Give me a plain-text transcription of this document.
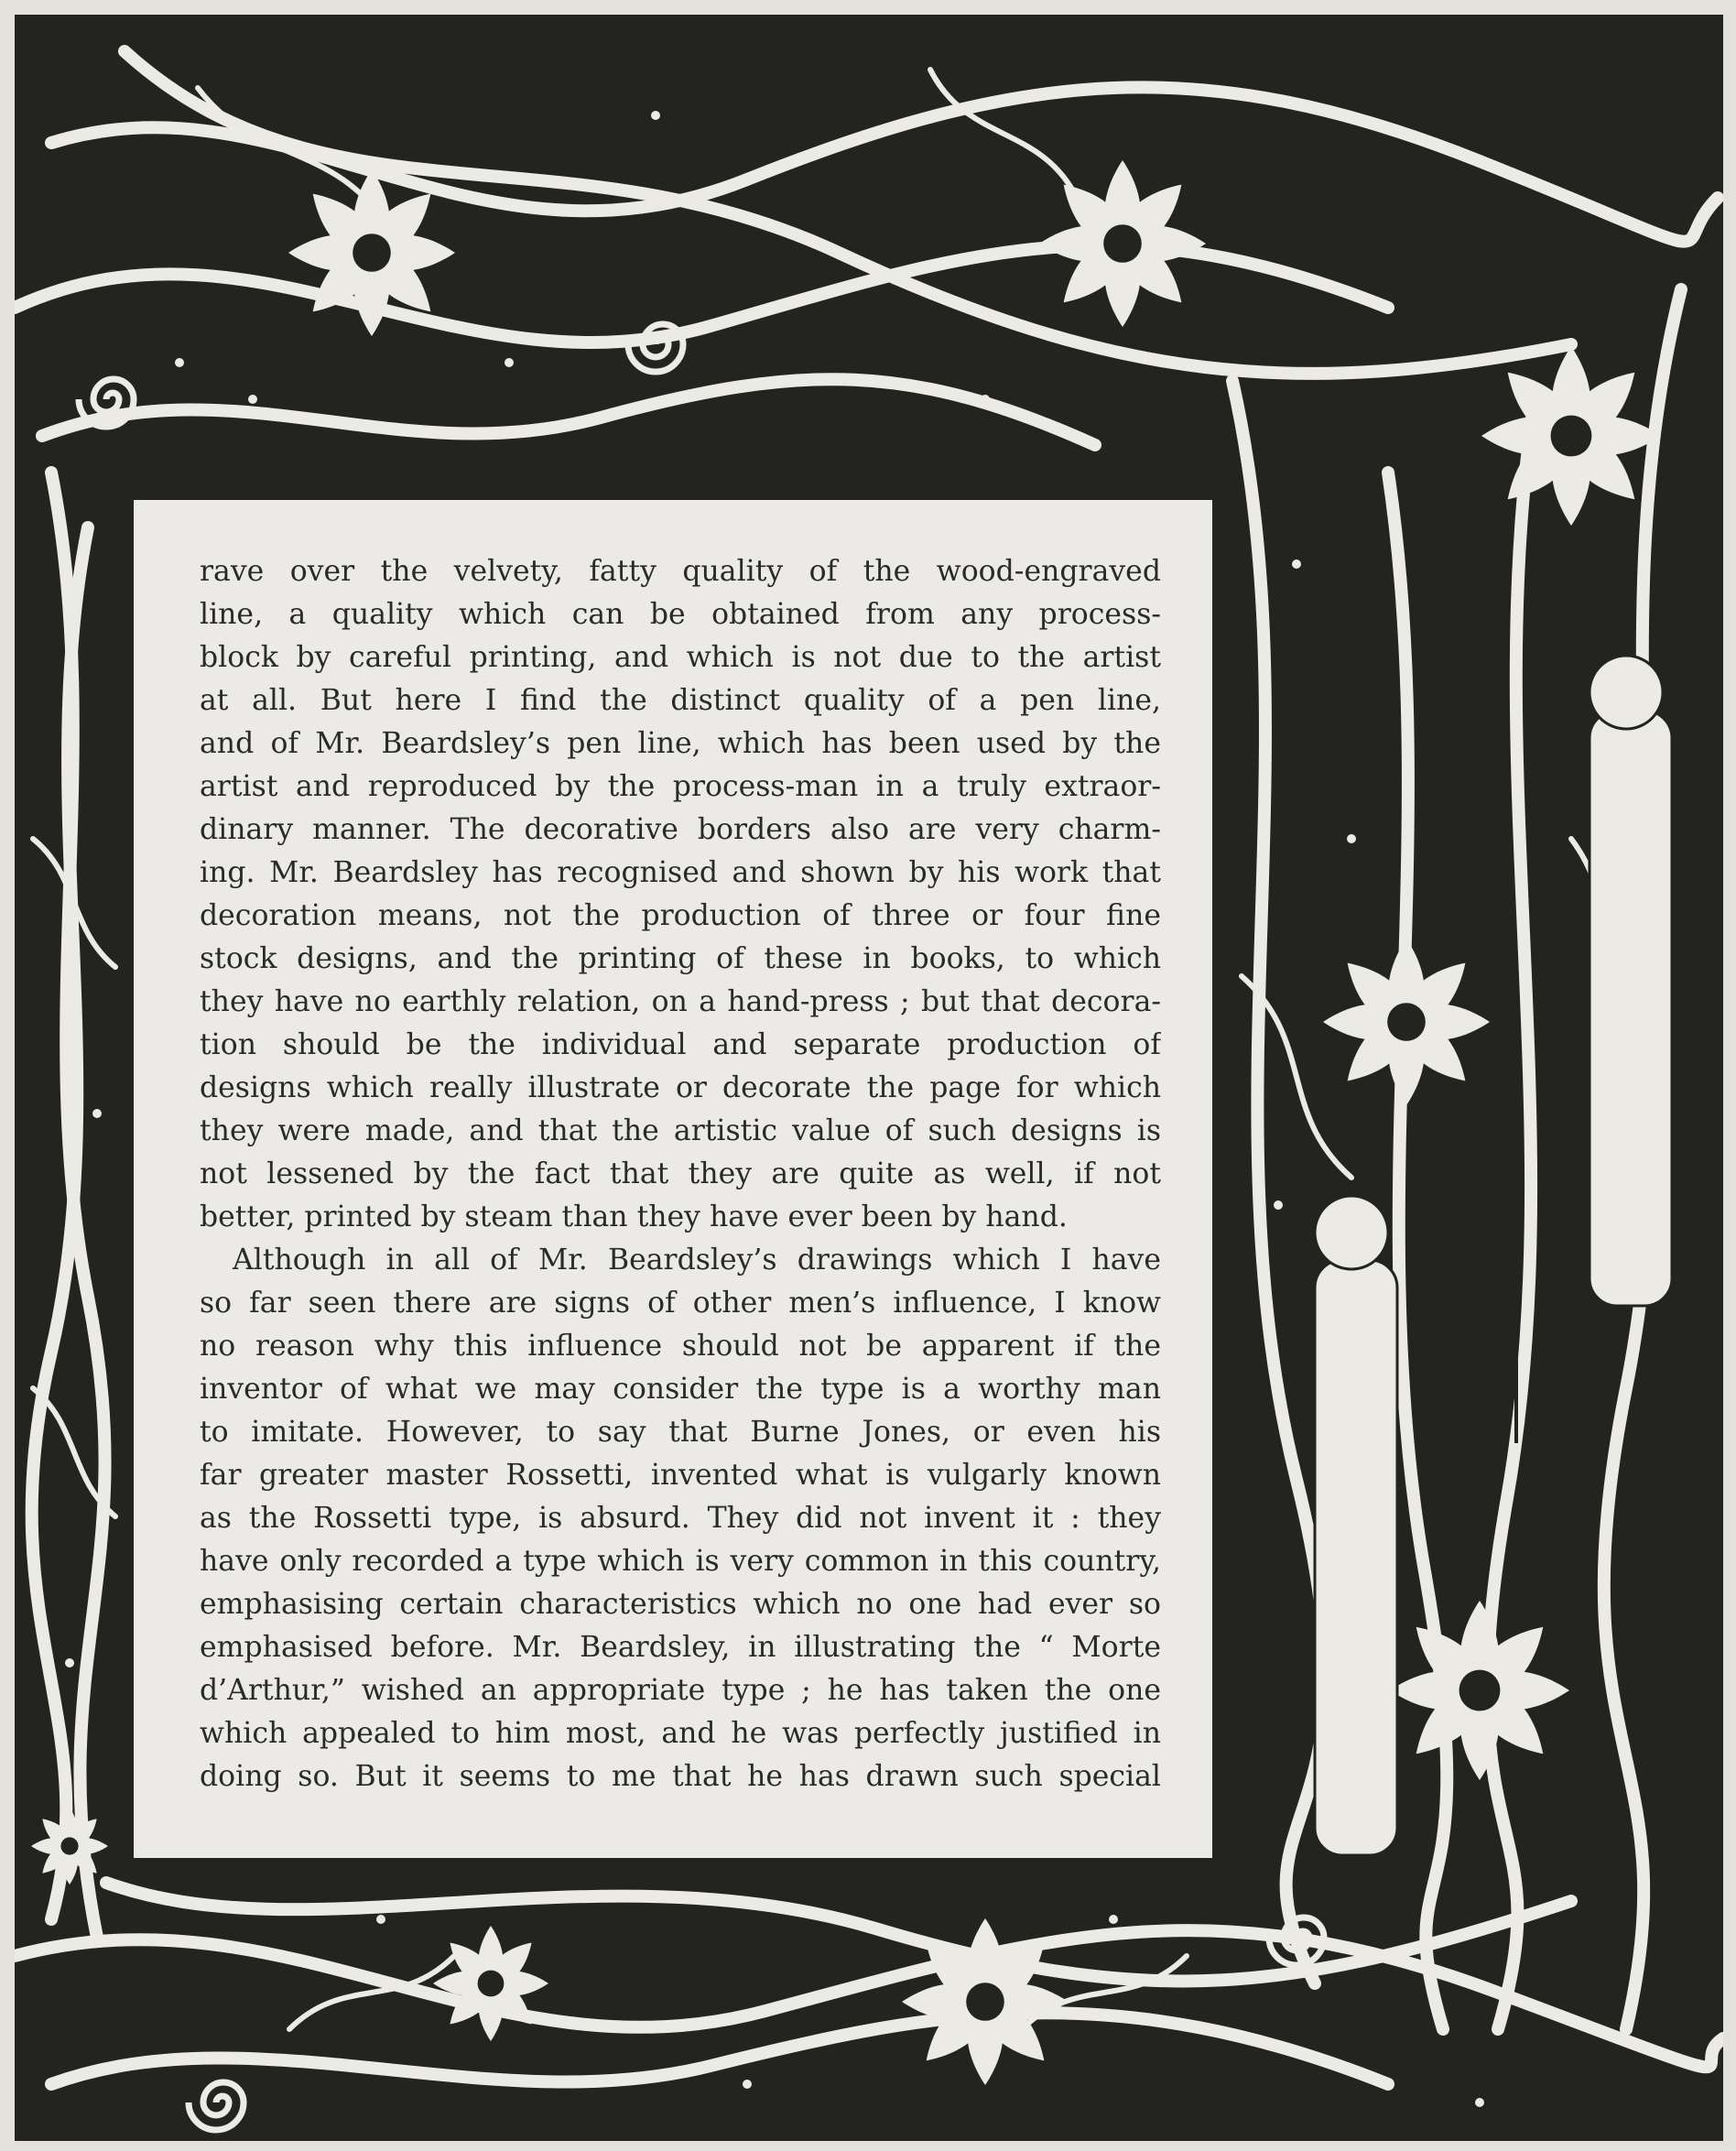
rave over the velvety, fatty quality of the wood-engraved
line, a quality which can be obtained from any process-
block by careful printing, and which is not due to the artist
at all. But here I find the distinct quality of a pen line,
and of Mr. Beardsley’s pen line, which has been used by the
artist and reproduced by the process-man in a truly extraor-
dinary manner. The decorative borders also are very charm-
ing. Mr. Beardsley has recognised and shown by his work that
decoration means, not the production of three or four fine
stock designs, and the printing of these in books, to which
they have no earthly relation, on a hand-press ; but that decora-
tion should be the individual and separate production of
designs which really illustrate or decorate the page for which
they were made, and that the artistic value of such designs is
not lessened by the fact that they are quite as well, if not
better, printed by steam than they have ever been by hand.
Although in all of Mr. Beardsley’s drawings which I have
so far seen there are signs of other men’s influence, I know
no reason why this influence should not be apparent if the
inventor of what we may consider the type is a worthy man
to imitate. However, to say that Burne Jones, or even his
far greater master Rossetti, invented what is vulgarly known
as the Rossetti type, is absurd. They did not invent it : they
have only recorded a type which is very common in this country,
emphasising certain characteristics which no one had ever so
emphasised before. Mr. Beardsley, in illustrating the “ Morte
d’Arthur,” wished an appropriate type ; he has taken the one
which appealed to him most, and he was perfectly justified in
doing so. But it seems to me that he has drawn such special
